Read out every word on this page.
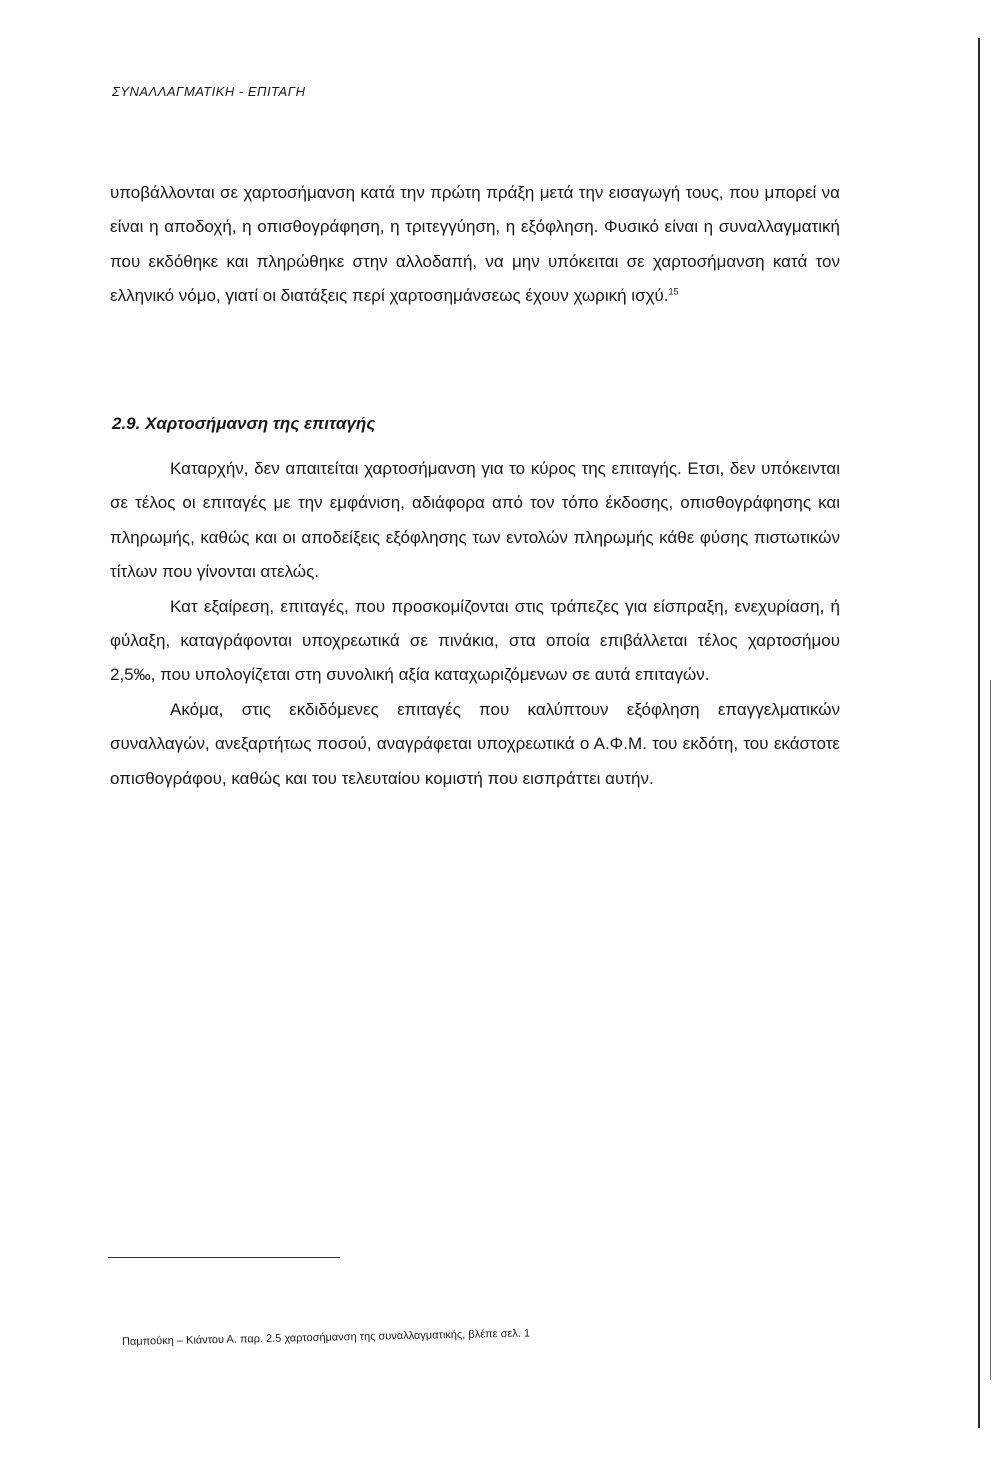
ΣΥΝΑΛΛΑΓΜΑΤΙΚΗ - ΕΠΙΤΑΓΗ

υποβάλλονται σε χαρτοσήμανση κατά την πρώτη πράξη μετά την εισαγωγή τους, που μπορεί να είναι η αποδοχή, η οπισθογράφηση, η τριτεγγύηση, η εξόφληση. Φυσικό είναι η συναλλαγματική που εκδόθηκε και πληρώθηκε στην αλλοδαπή, να μην υπόκειται σε χαρτοσήμανση κατά τον ελληνικό νόμο, γιατί οι διατάξεις περί χαρτοσημάνσεως έχουν χωρική ισχύ.$^{15}$

2.9. Χαρτοσήμανση της επιταγής
Καταρχήν, δεν απαιτείται χαρτοσήμανση για το κύρος της επιταγής. Ετσι, δεν υπόκεινται σε τέλος οι επιταγές με την εμφάνιση, αδιάφορα από τον τόπο έκδοσης, οπισθογράφησης και πληρωμής, καθώς και οι αποδείξεις εξόφλησης των εντολών πληρωμής κάθε φύσης πιστωτικών τίτλων που γίνονται ατελώς.
Κατ εξαίρεση, επιταγές, που προσκομίζονται στις τράπεζες για είσπραξη, ενεχυρίαση, ή φύλαξη, καταγράφονται υποχρεωτικά σε πινάκια, στα οποία επιβάλλεται τέλος χαρτοσήμου 2,5‰, που υπολογίζεται στη συνολική αξία καταχωριζόμενων σε αυτά επιταγών.
Ακόμα, στις εκδιδόμενες επιταγές που καλύπτουν εξόφληση επαγγελματικών συναλλαγών, ανεξαρτήτως ποσού, αναγράφεται υποχρεωτικά ο Α.Φ.Μ. του εκδότη, του εκάστοτε οπισθογράφου, καθώς και του τελευταίου κομιστή που εισπράττει αυτήν.
Παμπούκη – Κιάντου Α. παρ. 2.5 χαρτοσήμανση της συναλλαγματικής, βλέπε σελ. 1
